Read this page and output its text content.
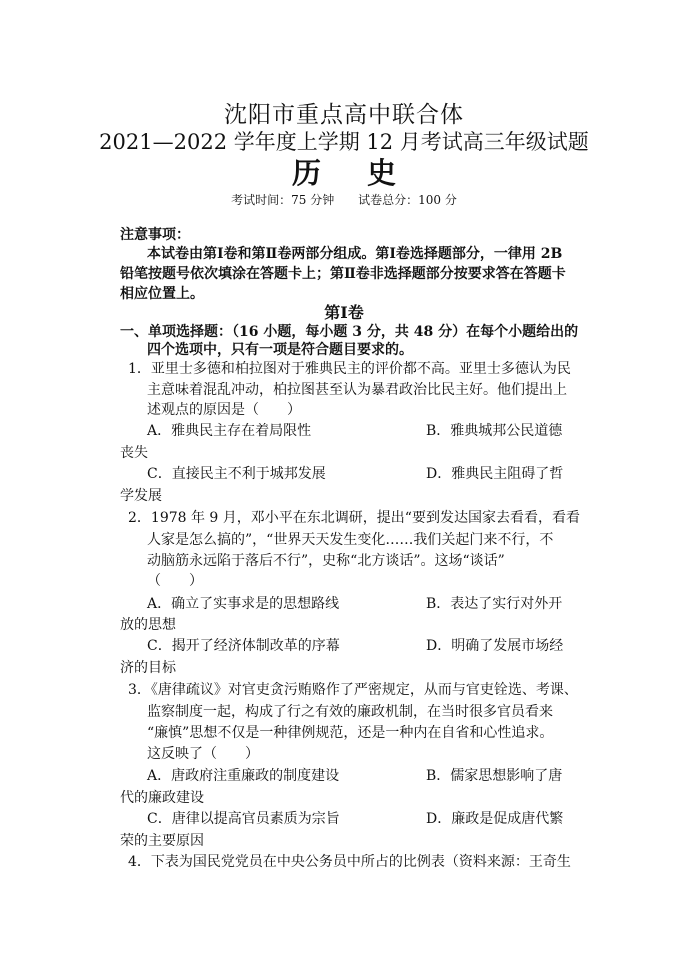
沈阳市重点高中联合体
2021—2022 学年度上学期 12 月考试高三年级试题
历 史
考试时间：75 分钟 试卷总分：100 分
注意事项：
本试卷由第Ⅰ卷和第Ⅱ卷两部分组成。第Ⅰ卷选择题部分，一律用 2B
铅笔按题号依次填涂在答题卡上；第Ⅱ卷非选择题部分按要求答在答题卡
相应位置上。
第Ⅰ卷
一、单项选择题：（16 小题，每小题 3 分，共 48 分）在每个小题给出的
四个选项中，只有一项是符合题目要求的。
1．亚里士多德和柏拉图对于雅典民主的评价都不高。亚里士多德认为民
主意味着混乱冲动，柏拉图甚至认为暴君政治比民主好。他们提出上
述观点的原因是（　　）
A．雅典民主存在着局限性	B．雅典城邦公民道德
丧失
C．直接民主不利于城邦发展	D．雅典民主阻碍了哲
学发展
2．1978 年 9 月，邓小平在东北调研，提出“要到发达国家去看看，看看
人家是怎么搞的”，“世界天天发生变化……我们关起门来不行，不
动脑筋永远陷于落后不行”，史称“北方谈话”。这场“谈话”
（　　）
A．确立了实事求是的思想路线	B．表达了实行对外开
放的思想
C．揭开了经济体制改革的序幕	D．明确了发展市场经
济的目标
3．《唐律疏议》对官吏贪污贿赂作了严密规定，从而与官吏铨选、考课、
监察制度一起，构成了行之有效的廉政机制，在当时很多官员看来
“廉慎”思想不仅是一种律例规范，还是一种内在自省和心性追求。
这反映了（　　）
A．唐政府注重廉政的制度建设	B．儒家思想影响了唐
代的廉政建设
C．唐律以提高官员素质为宗旨	D．廉政是促成唐代繁
荣的主要原因
4．下表为国民党党员在中央公务员中所占的比例表（资料来源：王奇生
